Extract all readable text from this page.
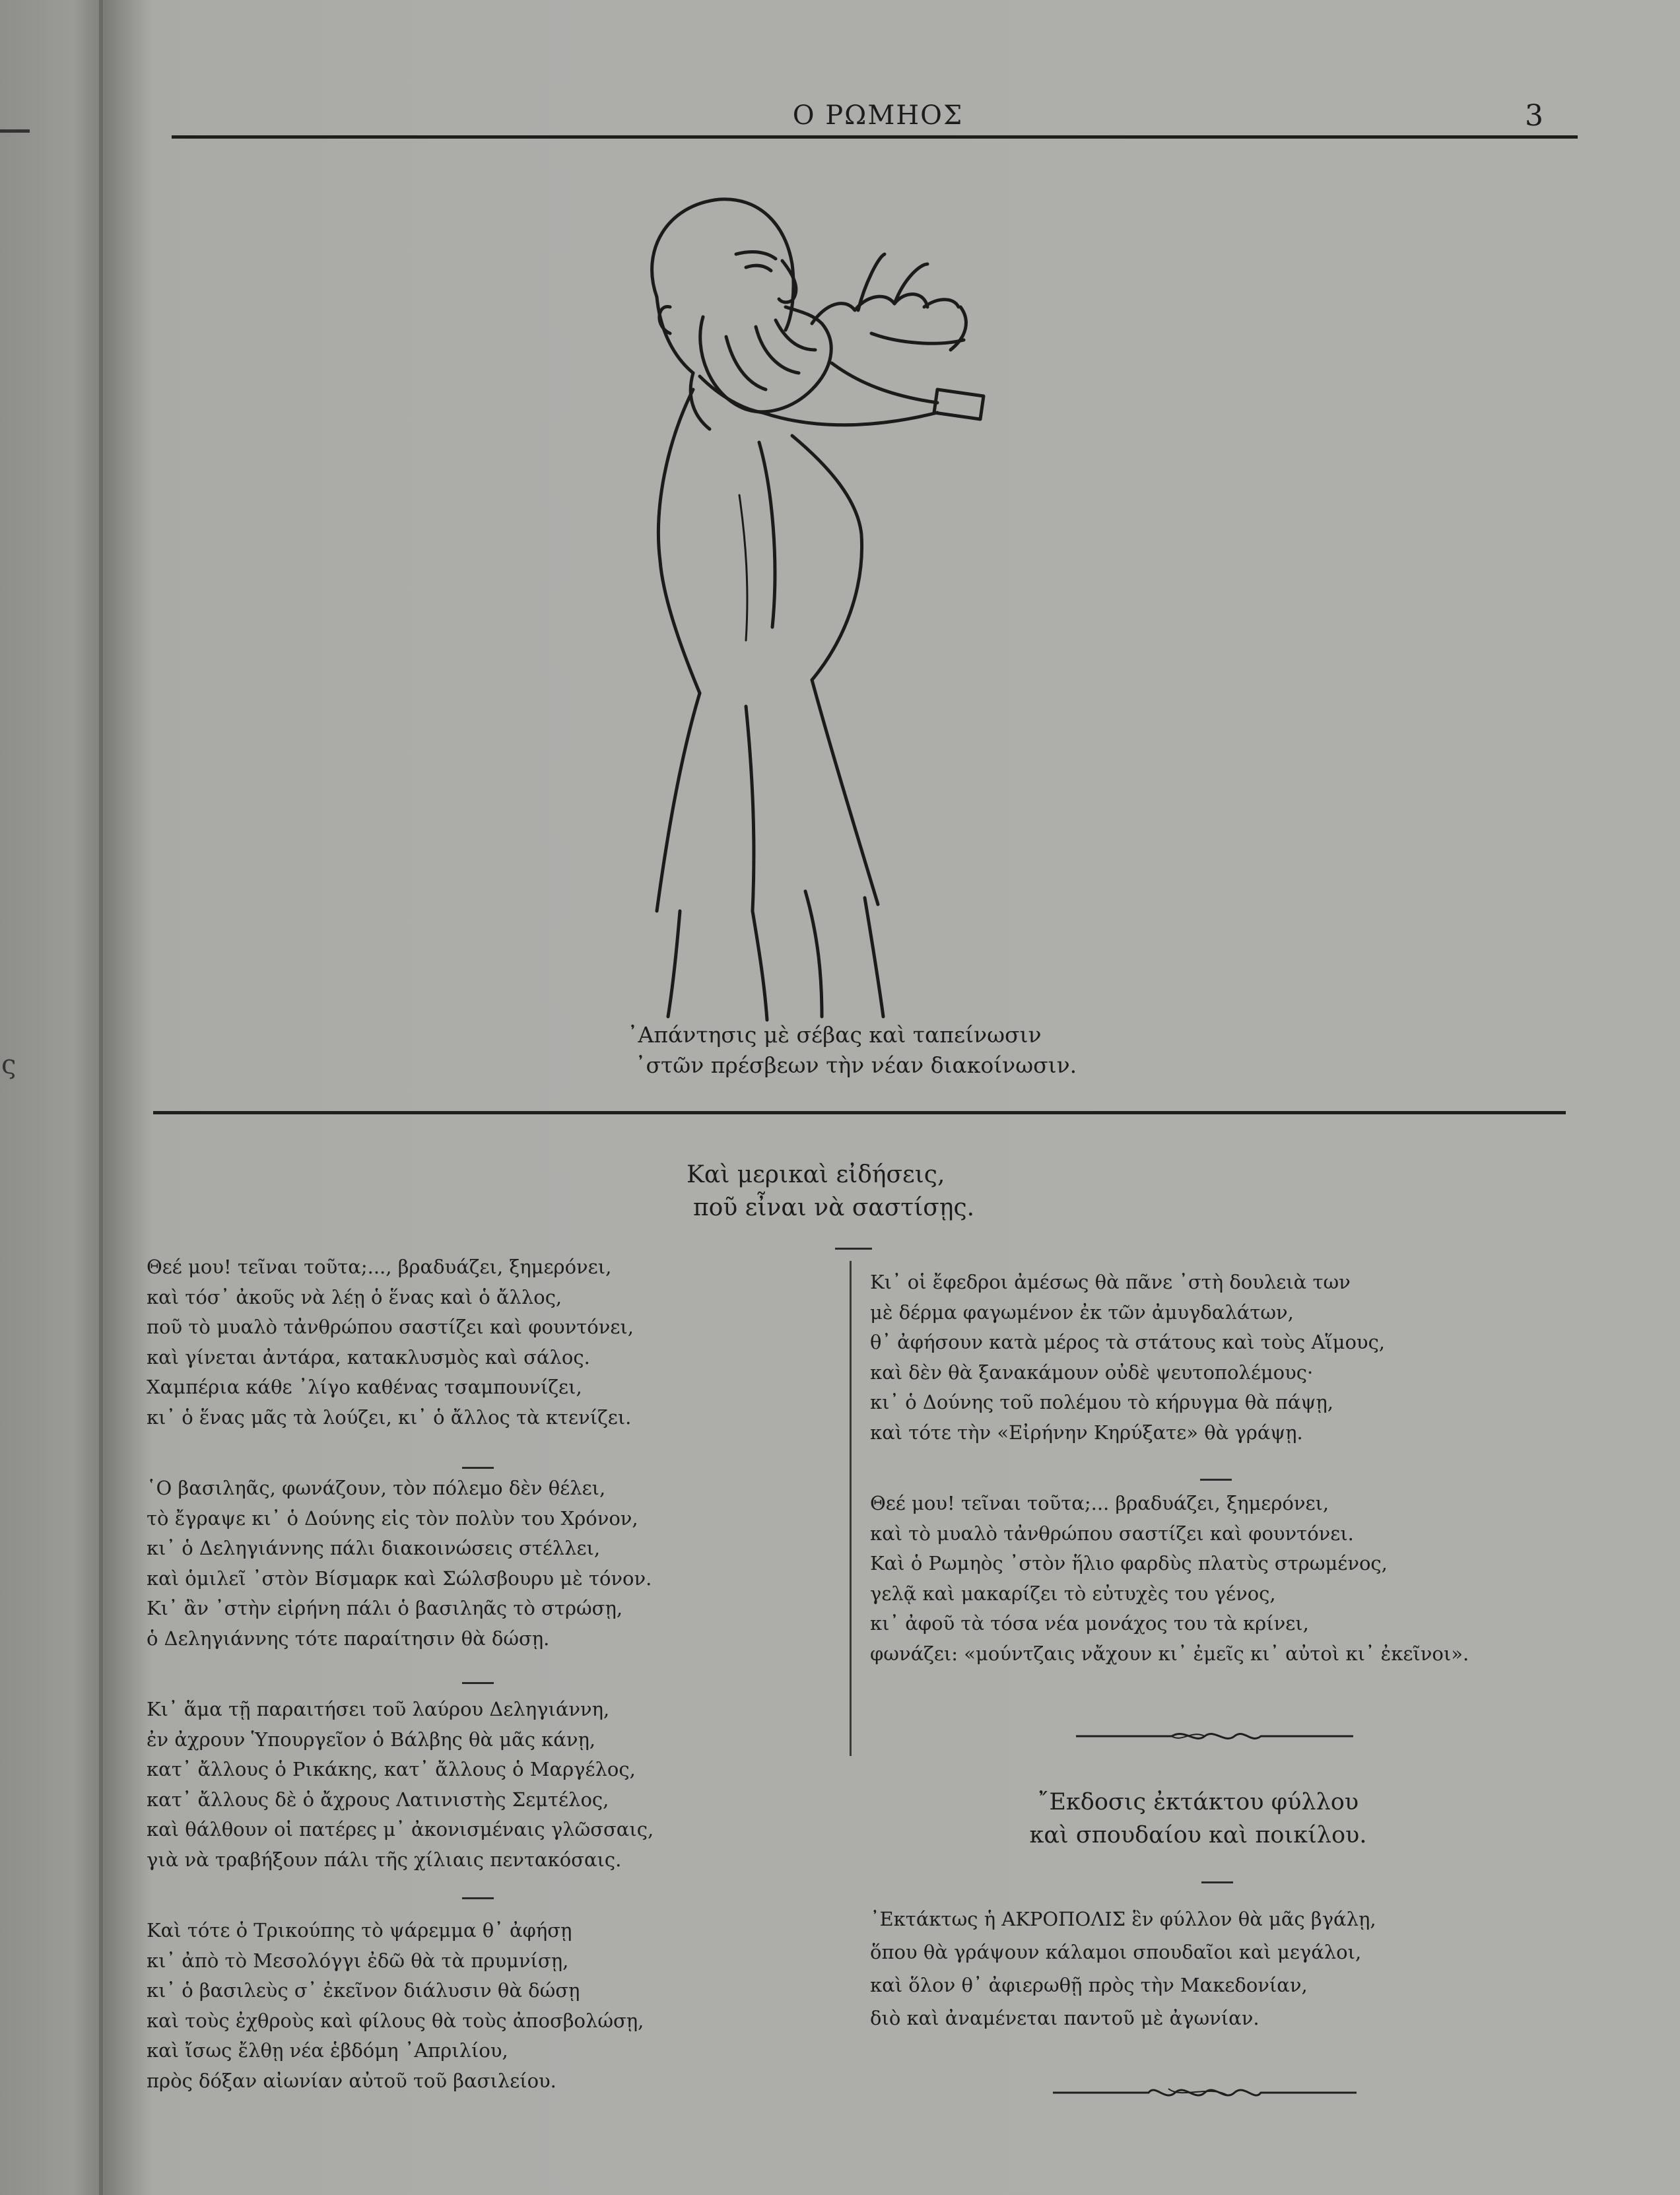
ς
Ο ΡΩΜΗΟΣ	3
᾽Απάντησις μὲ σέβας καὶ ταπείνωσιν
᾽στῶν πρέσβεων τὴν νέαν διακοίνωσιν.
Καὶ μερικαὶ εἰδήσεις,
ποῦ εἶναι νὰ σαστίσῃς.
Θεέ μου! τεῖναι τοῦτα;..., βραδυάζει, ξημερόνει,
καὶ τόσ᾽ ἀκοῦς νὰ λέῃ ὁ ἕνας καὶ ὁ ἄλλος,
ποῦ τὸ μυαλὸ τἀνθρώπου σαστίζει καὶ φουντόνει,
καὶ γίνεται ἀντάρα, κατακλυσμὸς καὶ σάλος.
Χαμπέρια κάθε ᾽λίγο καθένας τσαμπουνίζει,
κι᾽ ὁ ἕνας μᾶς τὰ λούζει, κι᾽ ὁ ἄλλος τὰ κτενίζει.
῾Ο βασιληᾶς, φωνάζουν, τὸν πόλεμο δὲν θέλει,
τὸ ἔγραψε κι᾽ ὁ Δούνης εἰς τὸν πολὺν του Χρόνον,
κι᾽ ὁ Δεληγιάννης πάλι διακοινώσεις στέλλει,
καὶ ὁμιλεῖ ᾽στὸν Βίσμαρκ καὶ Σώλσβουρυ μὲ τόνον.
Κι᾽ ἂν ᾽στὴν εἰρήνη πάλι ὁ βασιληᾶς τὸ στρώσῃ,
ὁ Δεληγιάννης τότε παραίτησιν θὰ δώσῃ.
Κι᾽ ἅμα τῇ παραιτήσει τοῦ λαύρου Δεληγιάννη,
ἐν ἀχρουν Ὑπουργεῖον ὁ Βάλβης θὰ μᾶς κάνῃ,
κατ᾽ ἄλλους ὁ Ρικάκης, κατ᾽ ἄλλους ὁ Μαργέλος,
κατ᾽ ἄλλους δὲ ὁ ἄχρους Λατινιστὴς Σεμτέλος,
καὶ θάλθουν οἱ πατέρες μ᾽ ἀκονισμέναις γλῶσσαις,
γιὰ νὰ τραβήξουν πάλι τῆς χίλιαις πεντακόσαις.
Καὶ τότε ὁ Τρικούπης τὸ ψάρεμμα θ᾽ ἀφήσῃ
κι᾽ ἀπὸ τὸ Μεσολόγγι ἐδῶ θὰ τὰ πρυμνίσῃ,
κι᾽ ὁ βασιλεὺς σ᾽ ἐκεῖνον διάλυσιν θὰ δώσῃ
καὶ τοὺς ἐχθροὺς καὶ φίλους θὰ τοὺς ἀποσβολώσῃ,
καὶ ἴσως ἔλθῃ νέα ἑβδόμη ᾽Απριλίου,
πρὸς δόξαν αἰωνίαν αὐτοῦ τοῦ βασιλείου.
Κι᾽ οἱ ἔφεδροι ἀμέσως θὰ πᾶνε ᾽στὴ δουλειὰ των
μὲ δέρμα φαγωμένον ἐκ τῶν ἀμυγδαλάτων,
θ᾽ ἀφήσουν κατὰ μέρος τὰ στάτους καὶ τοὺς Αἵμους,
καὶ δὲν θὰ ξανακάμουν οὐδὲ ψευτοπολέμους·
κι᾽ ὁ Δούνης τοῦ πολέμου τὸ κήρυγμα θὰ πάψῃ,
καὶ τότε τὴν «Εἰρήνην Κηρύξατε» θὰ γράψῃ.
Θεέ μου! τεῖναι τοῦτα;... βραδυάζει, ξημερόνει,
καὶ τὸ μυαλὸ τἀνθρώπου σαστίζει καὶ φουντόνει.
Καὶ ὁ Ρωμηὸς ᾽στὸν ἥλιο φαρδὺς πλατὺς στρωμένος,
γελᾷ καὶ μακαρίζει τὸ εὐτυχὲς του γένος,
κι᾽ ἀφοῦ τὰ τόσα νέα μονάχος του τὰ κρίνει,
φωνάζει: «μούντζαις νἄχουν κι᾽ ἐμεῖς κι᾽ αὐτοὶ κι᾽ ἐκεῖνοι».
῎Εκδοσις ἐκτάκτου φύλλου
καὶ σπουδαίου καὶ ποικίλου.
᾽Εκτάκτως ἡ ΑΚΡΟΠΟΛΙΣ ἓν φύλλον θὰ μᾶς βγάλῃ,
ὅπου θὰ γράψουν κάλαμοι σπουδαῖοι καὶ μεγάλοι,
καὶ ὅλον θ᾽ ἀφιερωθῇ πρὸς τὴν Μακεδονίαν,
διὸ καὶ ἀναμένεται παντοῦ μὲ ἀγωνίαν.
